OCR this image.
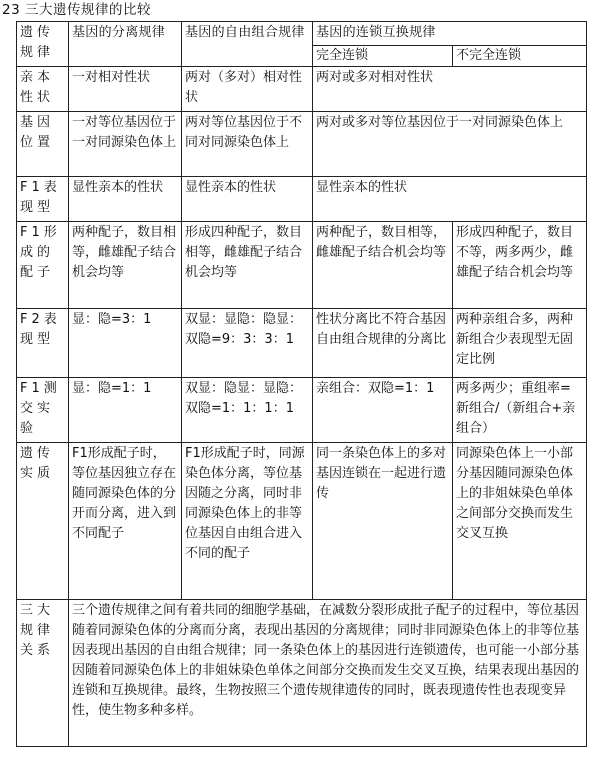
23 三大遗传规律的比较
遗传规律	基因的分离规律	基因的自由组合规律	基因的连锁互换规律	
			完全连锁	不完全连锁
亲本性状	一对相对性状	两对（多对）相对性状	两对或多对相对性状	
基因位置	一对等位基因位于一对同源染色体上	两对等位基因位于不同对同源染色体上	两对或多对等位基因位于一对同源染色体上	
F1表现型	显性亲本的性状	显性亲本的性状	显性亲本的性状	
F1形成的配子	两种配子，数目相等，雌雄配子结合机会均等	形成四种配子，数目相等，雌雄配子结合机会均等	两种配子，数目相等，雌雄配子结合机会均等	形成四种配子，数目不等，两多两少，雌雄配子结合机会均等
F2表现型	显：隐=3：1	双显：显隐：隐显：双隐=9：3：3：1	性状分离比不符合基因自由组合规律的分离比	两种亲组合多，两种新组合少表现型无固定比例
F1测交实验	显：隐=1：1	双显：隐显：显隐：双隐=1：1：1：1	亲组合：双隐=1：1	两多两少；重组率=新组合/（新组合+亲组合）
遗传实质	F1形成配子时，等位基因独立存在随同源染色体的分开而分离，进入到不同配子	F1形成配子时，同源染色体分离，等位基因随之分离，同时非同源染色体上的非等位基因自由组合进入不同的配子	同一条染色体上的多对基因连锁在一起进行遗传	同源染色体上一小部分基因随同源染色体上的非姐妹染色单体之间部分交换而发生交叉互换
三大规律关系	三个遗传规律之间有着共同的细胞学基础，在减数分裂形成批子配子的过程中，等位基因随着同源染色体的分离而分离，表现出基因的分离规律；同时非同源染色体上的非等位基因表现出基因的自由组合规律；同一条染色体上的基因进行连锁遗传，也可能一小部分基因随着同源染色体上的非姐妹染色单体之间部分交换而发生交叉互换，结果表现出基因的连锁和互换规律。最终，生物按照三个遗传规律遗传的同时，既表现遗传性也表现变异性，使生物多种多样。			
